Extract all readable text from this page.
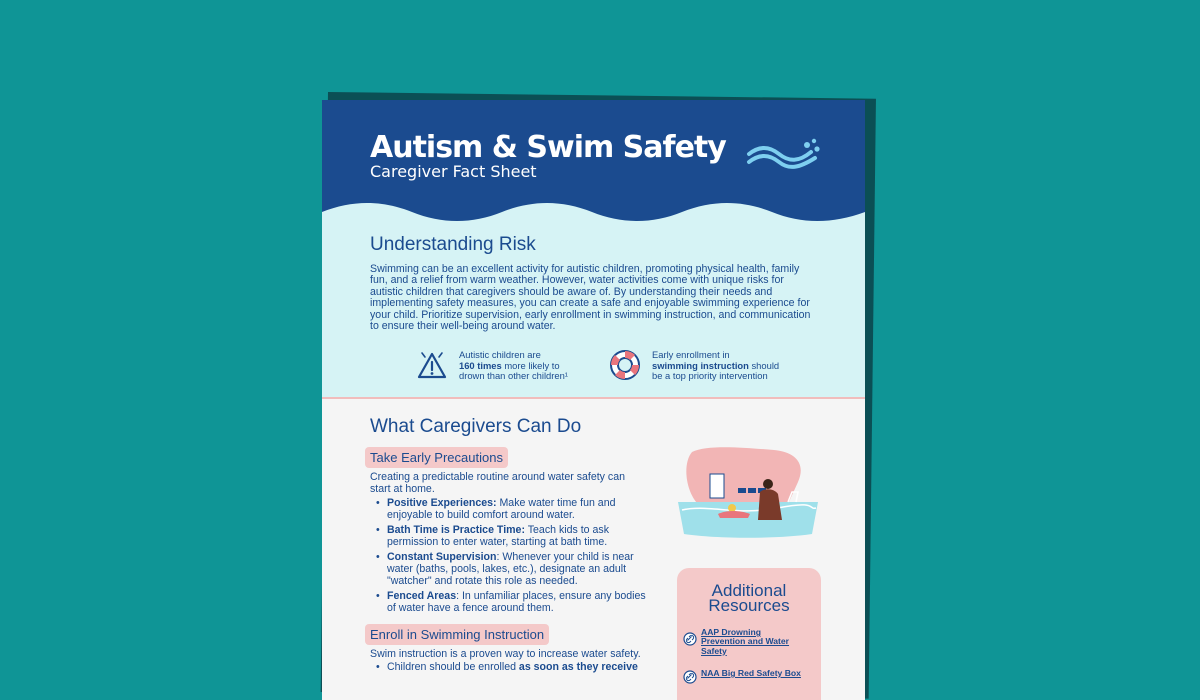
Autism & Swim Safety

Caregiver Fact Sheet

Understanding Risk

Swimming can be an excellent activity for autistic children, promoting physical health, family fun, and a relief from warm weather. However, water activities come with unique risks for autistic children that caregivers should be aware of. By understanding their needs and implementing safety measures, you can create a safe and enjoyable swimming experience for your child. Prioritize supervision, early enrollment in swimming instruction, and communication to ensure their well-being around water.

Autistic children are
160 times more likely to
drown than other children¹
Early enrollment in
swimming instruction should
be a top priority intervention
What Caregivers Can Do
Take Early Precautions

Creating a predictable routine around water safety can start at home.

• Positive Experiences: Make water time fun and enjoyable to build comfort around water.
• Bath Time is Practice Time: Teach kids to ask permission to enter water, starting at bath time.
• Constant Supervision: Whenever your child is near water (baths, pools, lakes, etc.), designate an adult "watcher" and rotate this role as needed.
• Fenced Areas: In unfamiliar places, ensure any bodies of water have a fence around them.
Enroll in Swimming Instruction

Swim instruction is a proven way to increase water safety.

• Children should be enrolled as soon as they receive

Additional
Resources

AAP Drowning
Prevention and Water
Safety
NAA Big Red Safety Box
